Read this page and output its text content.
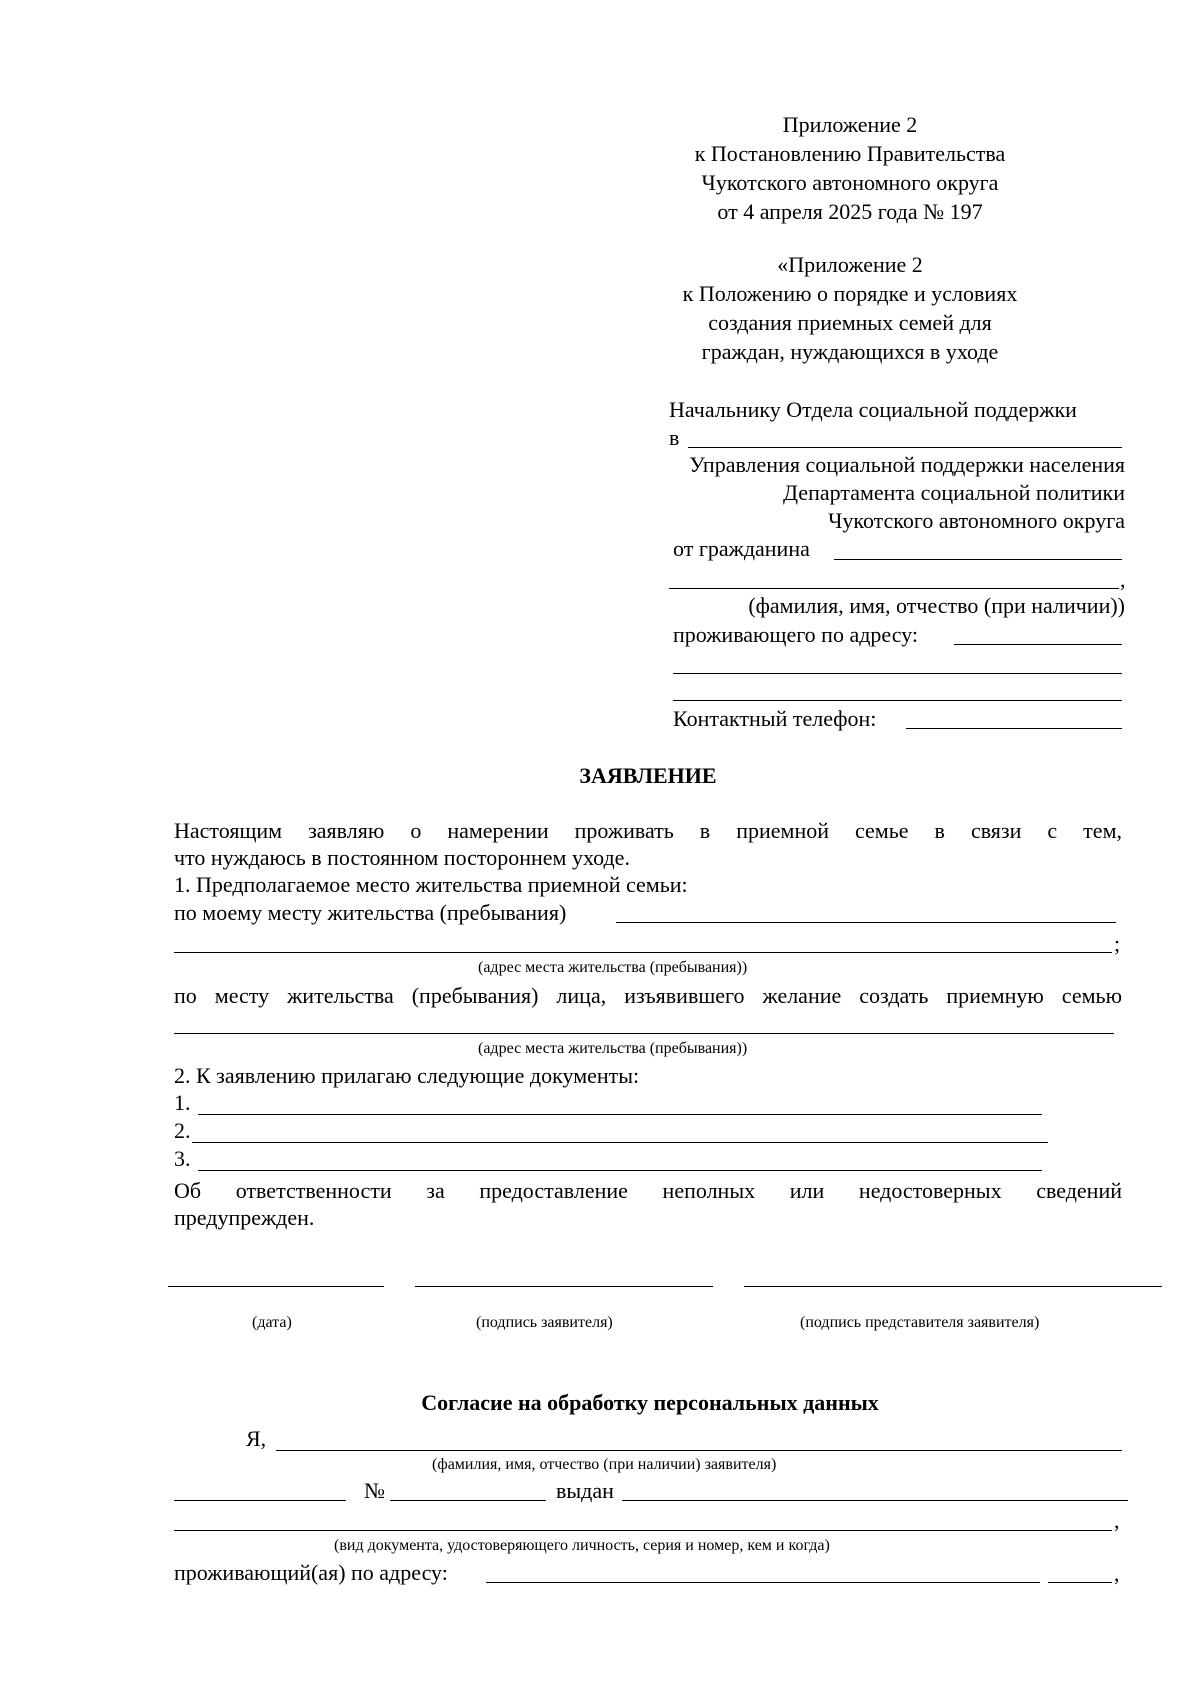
Приложение 2
к Постановлению Правительства
Чукотского автономного округа
от 4 апреля 2025 года № 197
«Приложение 2
к Положению о порядке и условиях
создания приемных семей для
граждан, нуждающихся в уходе
Начальнику Отдела социальной поддержки
в
Управления социальной поддержки населения
Департамента социальной политики
Чукотского автономного округа
от гражданина
,
(фамилия, имя, отчество (при наличии))
проживающего по адресу:
Контактный телефон:
ЗАЯВЛЕНИЕ
Настоящим заявляю о намерении проживать в приемной семье в связи с тем,
что нуждаюсь в постоянном постороннем уходе.
1. Предполагаемое место жительства приемной семьи:
по моему месту жительства (пребывания)
;
(адрес места жительства (пребывания))
по месту жительства (пребывания) лица, изъявившего желание создать приемную семью
(адрес места жительства (пребывания))
2. К заявлению прилагаю следующие документы:
1.
2.
3.
Об ответственности за предоставление неполных или недостоверных сведений
предупрежден.
(дата)	(подпись заявителя)	(подпись представителя заявителя)
Согласие на обработку персональных данных
Я,
(фамилия, имя, отчество (при наличии) заявителя)
№	выдан
,
(вид документа, удостоверяющего личность, серия и номер, кем и когда)
проживающий(ая) по адресу:	,
